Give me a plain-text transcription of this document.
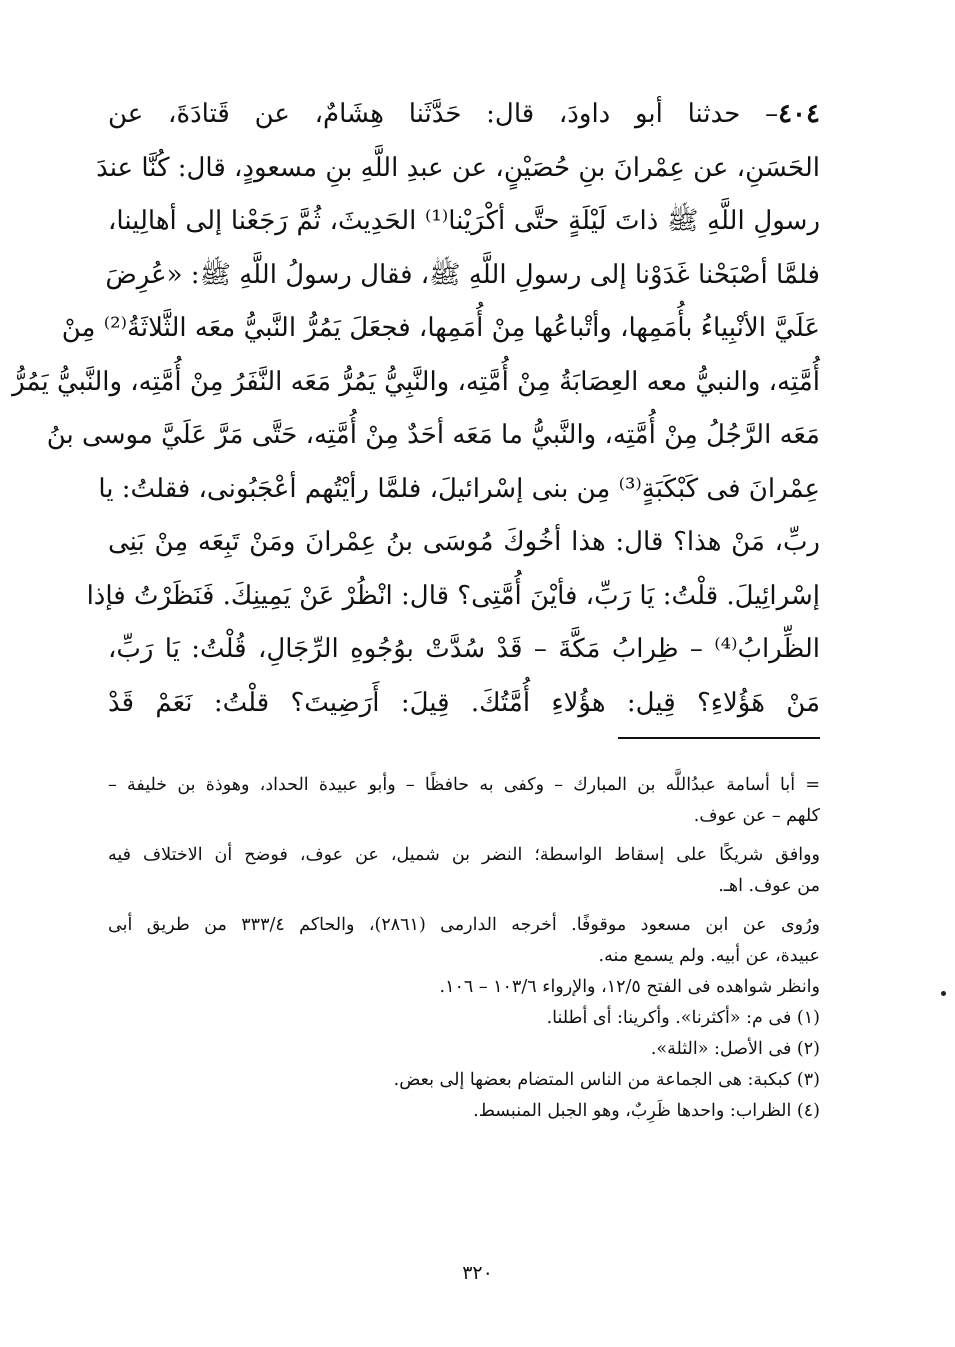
٤٠٤– حدثنا أبو داودَ، قال: حَدَّثَنا هِشَامٌ، عن قَتادَةَ، عن
الحَسَنِ، عن عِمْرانَ بنِ حُصَيْنٍ، عن عبدِ اللَّهِ بنِ مسعودٍ، قال: كُنَّا عندَ
رسولِ اللَّهِ ﷺ ذاتَ لَيْلَةٍ حتَّى أكْرَيْنا⁽¹⁾ الحَدِيثَ، ثُمَّ رَجَعْنا إلى أهالِينا،
فلمَّا أصْبَحْنا غَدَوْنا إلى رسولِ اللَّهِ ﷺ، فقال رسولُ اللَّهِ ﷺ: «عُرِضَ
عَلَيَّ الأنْبِياءُ بأُمَمِها، وأتْباعُها مِنْ أُمَمِها، فجعَلَ يَمُرُّ النَّبيُّ معَه الثَّلاثَةُ⁽²⁾ مِنْ
أُمَّتِه، والنبيُّ معه العِصَابَةُ مِنْ أُمَّتِه، والنَّبِيُّ يَمُرُّ مَعَه النَّفَرُ مِنْ أُمَّتِه، والنَّبيُّ يَمُرُّ
مَعَه الرَّجُلُ مِنْ أُمَّتِه، والنَّبيُّ ما مَعَه أحَدٌ مِنْ أُمَّتِه، حَتَّى مَرَّ عَلَيَّ موسى بنُ
عِمْرانَ فى كَبْكَبَةٍ⁽³⁾ مِن بنى إسْرائيلَ، فلمَّا رأيْتُهم أعْجَبُونى، فقلتُ: يا
ربِّ، مَنْ هذا؟ قال: هذا أخُوكَ مُوسَى بنُ عِمْرانَ ومَنْ تَبِعَه مِنْ بَنِى
إسْرائِيلَ. قلْتُ: يَا رَبِّ، فأيْنَ أُمَّتِى؟ قال: انْظُرْ عَنْ يَمِينِكَ. فَنَظَرْتُ فإذا
الظِّرابُ⁽⁴⁾ – ظِرابُ مَكَّةَ – قَدْ سُدَّتْ بوُجُوهِ الرِّجَالِ، قُلْتُ: يَا رَبِّ،
مَنْ هَؤُلاءِ؟ قِيل: هؤُلاءِ أُمَّتُكَ. قِيلَ: أَرَضِيتَ؟ قلْتُ: نَعَمْ قَدْ
= أبا أسامة عبدُاللَّه بن المبارك – وكفى به حافظًا – وأبو عبيدة الحداد، وهوذة بن خليفة –
كلهم – عن عوف.
ووافق شريكًا على إسقاط الواسطة؛ النضر بن شميل، عن عوف، فوضح أن الاختلاف فيه
من عوف. اهـ.
ورُوى عن ابن مسعود موقوفًا. أخرجه الدارمى (٢٨٦١)، والحاكم ٣٣٣/٤ من طريق أبى
عبيدة، عن أبيه. ولم يسمع منه.
وانظر شواهده فى الفتح ١٢/٥، والإرواء ١٠٣/٦ – ١٠٦.
(١) فى م: «أكثرنا». وأكرينا: أى أطلنا.
(٢) فى الأصل: «الثلة».
(٣) كبكبة: هى الجماعة من الناس المتضام بعضها إلى بعض.
(٤) الظراب: واحدها ظَرِبٌ، وهو الجبل المنبسط.
٣٢٠
